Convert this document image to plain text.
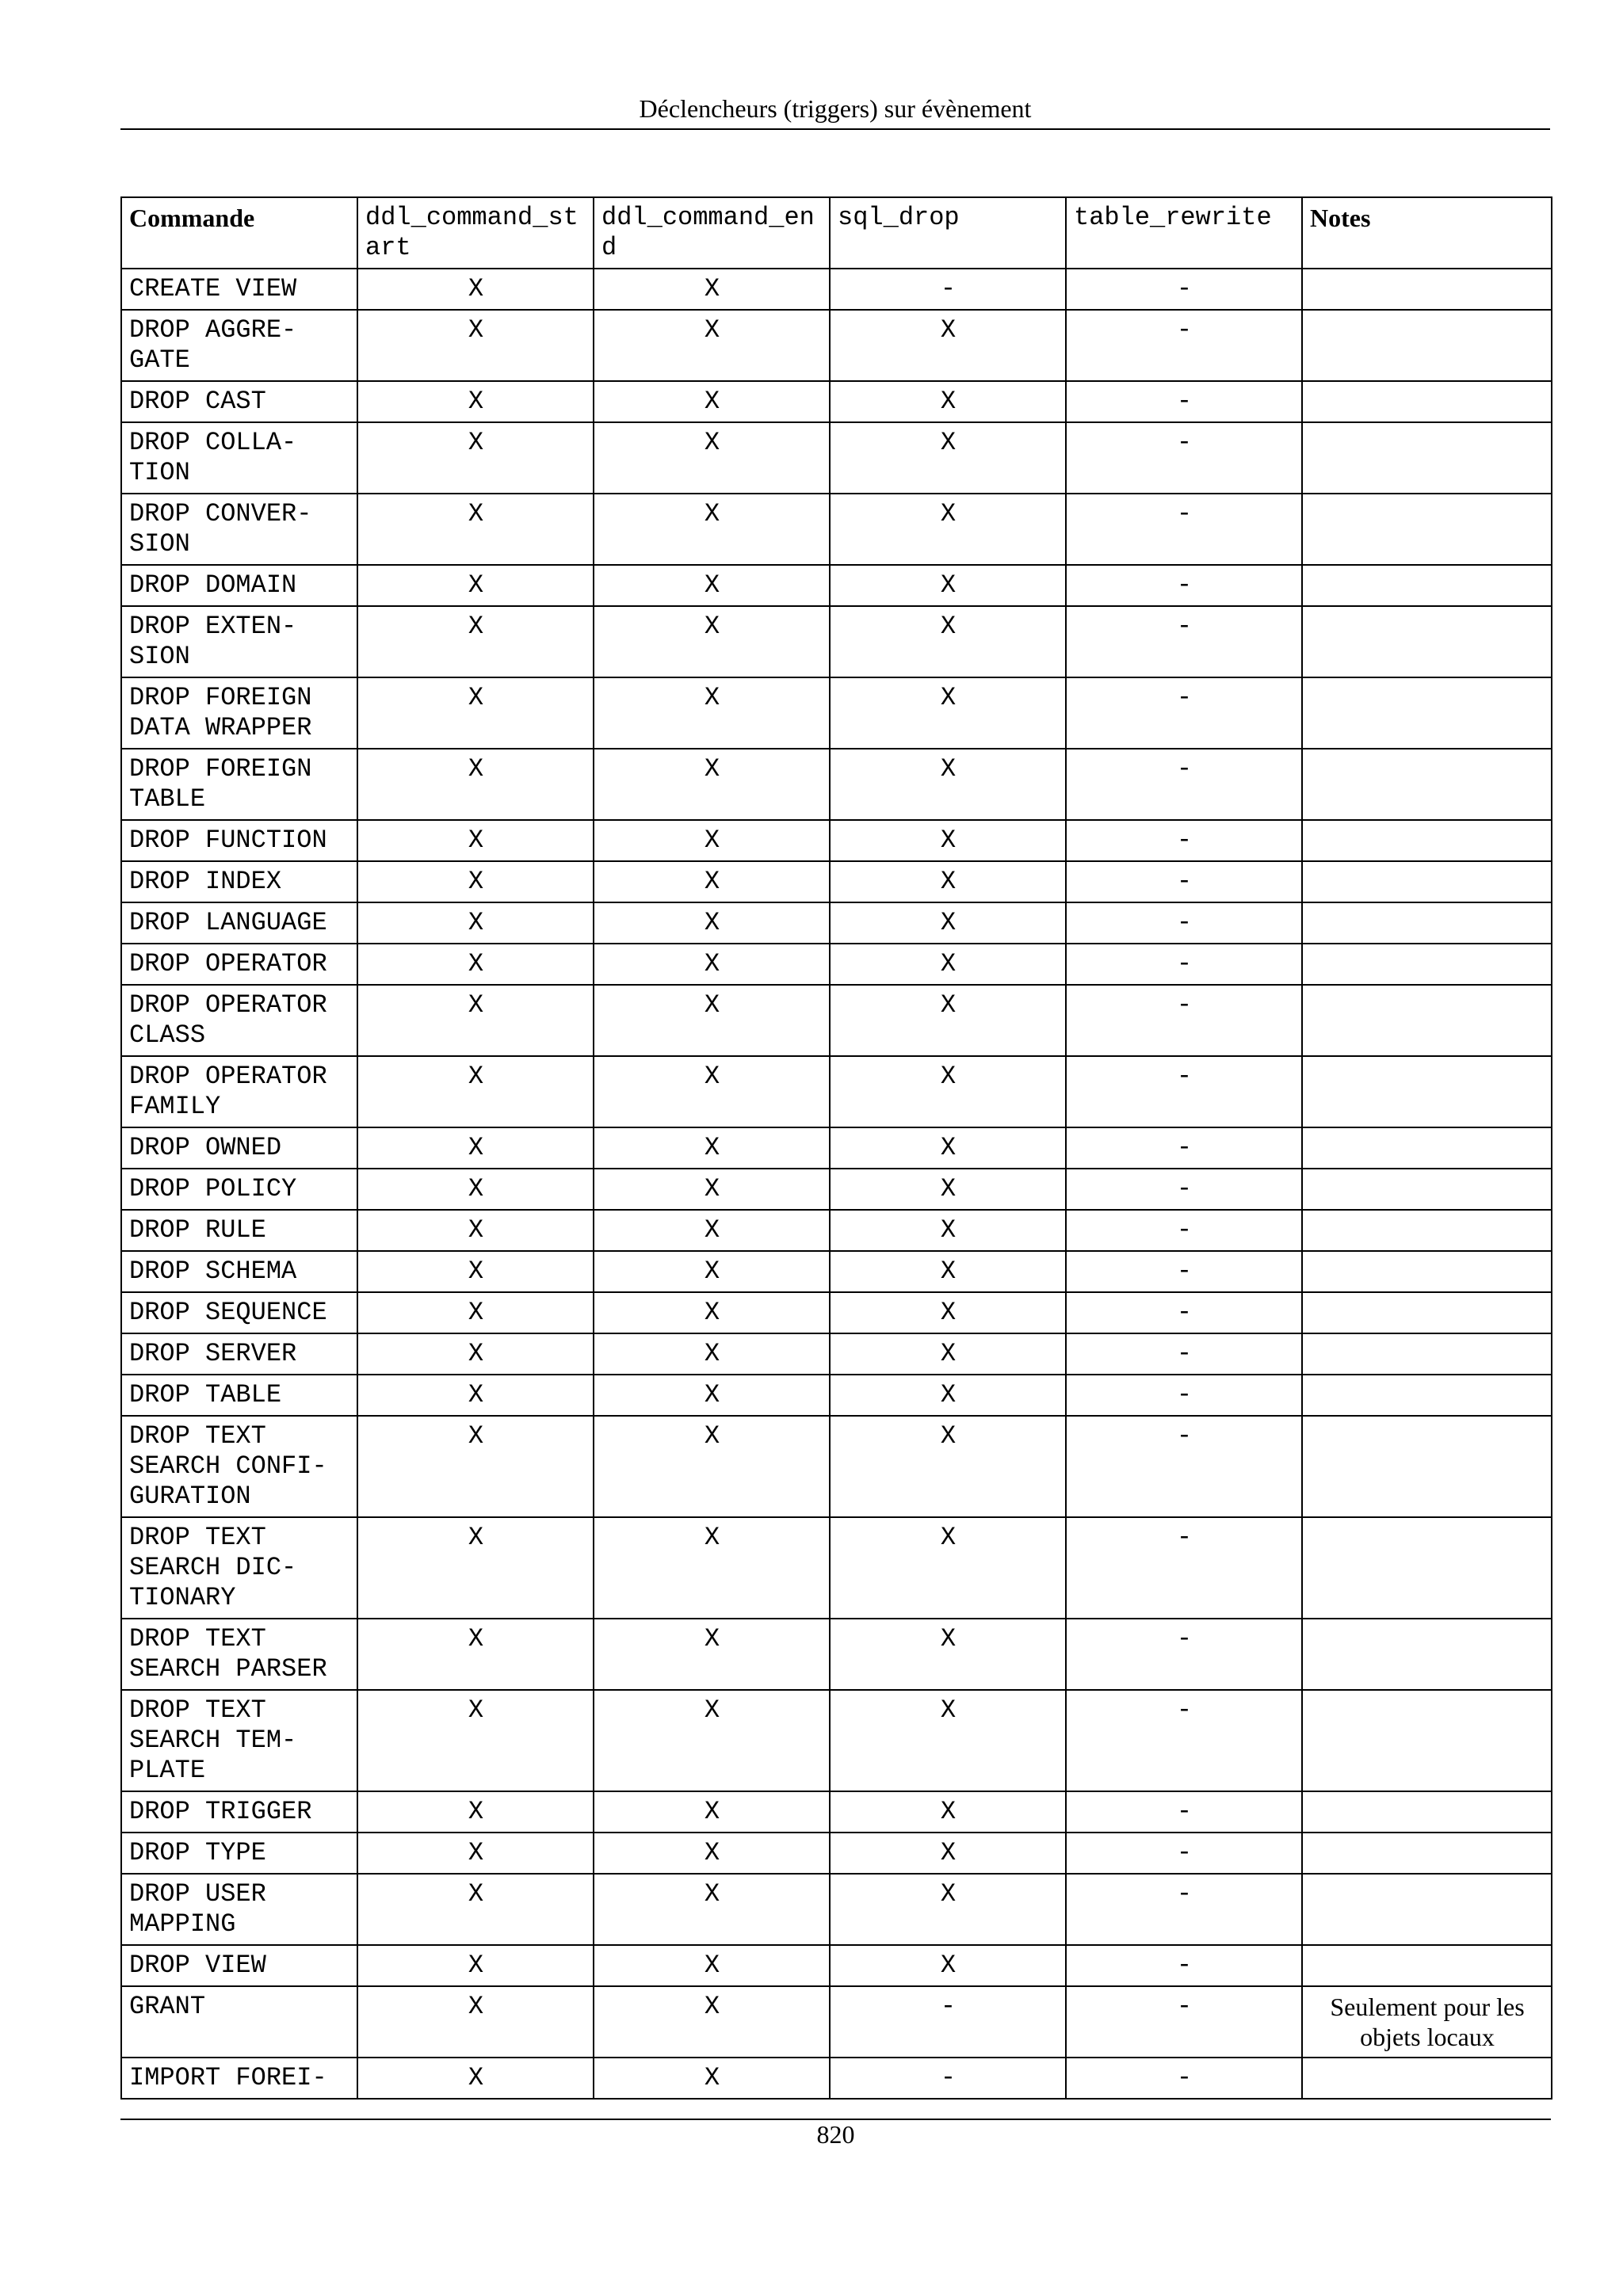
Déclencheurs (triggers) sur évènement
Commande	ddl_command_start	ddl_command_end	sql_drop	table_rewrite	Notes
CREATE VIEW	X	X	-	-	
DROP AGGRE-
GATE	X	X	X	-	
DROP CAST	X	X	X	-	
DROP COLLA-
TION	X	X	X	-	
DROP CONVER-
SION	X	X	X	-	
DROP DOMAIN	X	X	X	-	
DROP EXTEN-
SION	X	X	X	-	
DROP FOREIGN
DATA WRAPPER	X	X	X	-	
DROP FOREIGN
TABLE	X	X	X	-	
DROP FUNCTION	X	X	X	-	
DROP INDEX	X	X	X	-	
DROP LANGUAGE	X	X	X	-	
DROP OPERATOR	X	X	X	-	
DROP OPERATOR
CLASS	X	X	X	-	
DROP OPERATOR
FAMILY	X	X	X	-	
DROP OWNED	X	X	X	-	
DROP POLICY	X	X	X	-	
DROP RULE	X	X	X	-	
DROP SCHEMA	X	X	X	-	
DROP SEQUENCE	X	X	X	-	
DROP SERVER	X	X	X	-	
DROP TABLE	X	X	X	-	
DROP TEXT
SEARCH CONFI-
GURATION	X	X	X	-	
DROP TEXT
SEARCH DIC-
TIONARY	X	X	X	-	
DROP TEXT
SEARCH PARSER	X	X	X	-	
DROP TEXT
SEARCH TEM-
PLATE	X	X	X	-	
DROP TRIGGER	X	X	X	-	
DROP TYPE	X	X	X	-	
DROP USER
MAPPING	X	X	X	-	
DROP VIEW	X	X	X	-	
GRANT	X	X	-	-	Seulement pour les objets locaux
IMPORT FOREI-	X	X	-	-	
820
